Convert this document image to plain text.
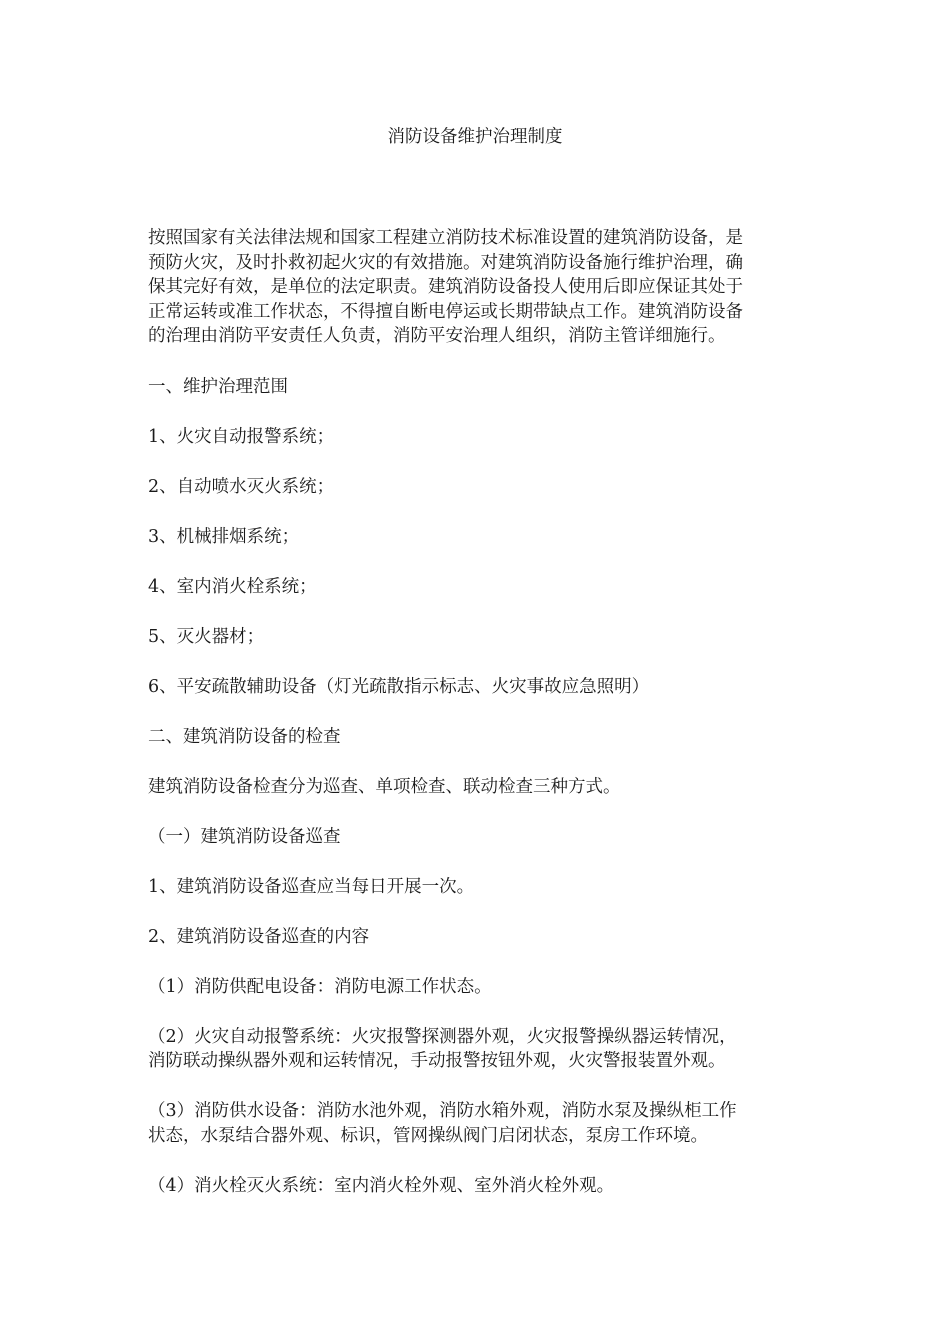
消防设备维护治理制度

按照国家有关法律法规和国家工程建立消防技术标准设置的建筑消防设备，是
预防火灾，及时扑救初起火灾的有效措施。对建筑消防设备施行维护治理，确
保其完好有效，是单位的法定职责。建筑消防设备投人使用后即应保证其处于
正常运转或准工作状态，不得擅自断电停运或长期带缺点工作。建筑消防设备
的治理由消防平安责任人负责，消防平安治理人组织，消防主管详细施行。

一、维护治理范围

1、火灾自动报警系统；

2、自动喷水灭火系统；

3、机械排烟系统；

4、室内消火栓系统；

5、灭火器材；

6、平安疏散辅助设备（灯光疏散指示标志、火灾事故应急照明）

二、建筑消防设备的检查

建筑消防设备检查分为巡查、单项检查、联动检查三种方式。

（一）建筑消防设备巡查

1、建筑消防设备巡查应当每日开展一次。

2、建筑消防设备巡查的内容

（1）消防供配电设备：消防电源工作状态。

（2）火灾自动报警系统：火灾报警探测器外观，火灾报警操纵器运转情况，
消防联动操纵器外观和运转情况，手动报警按钮外观，火灾警报装置外观。

（3）消防供水设备：消防水池外观，消防水箱外观，消防水泵及操纵柜工作
状态，水泵结合器外观、标识，管网操纵阀门启闭状态，泵房工作环境。

（4）消火栓灭火系统：室内消火栓外观、室外消火栓外观。
